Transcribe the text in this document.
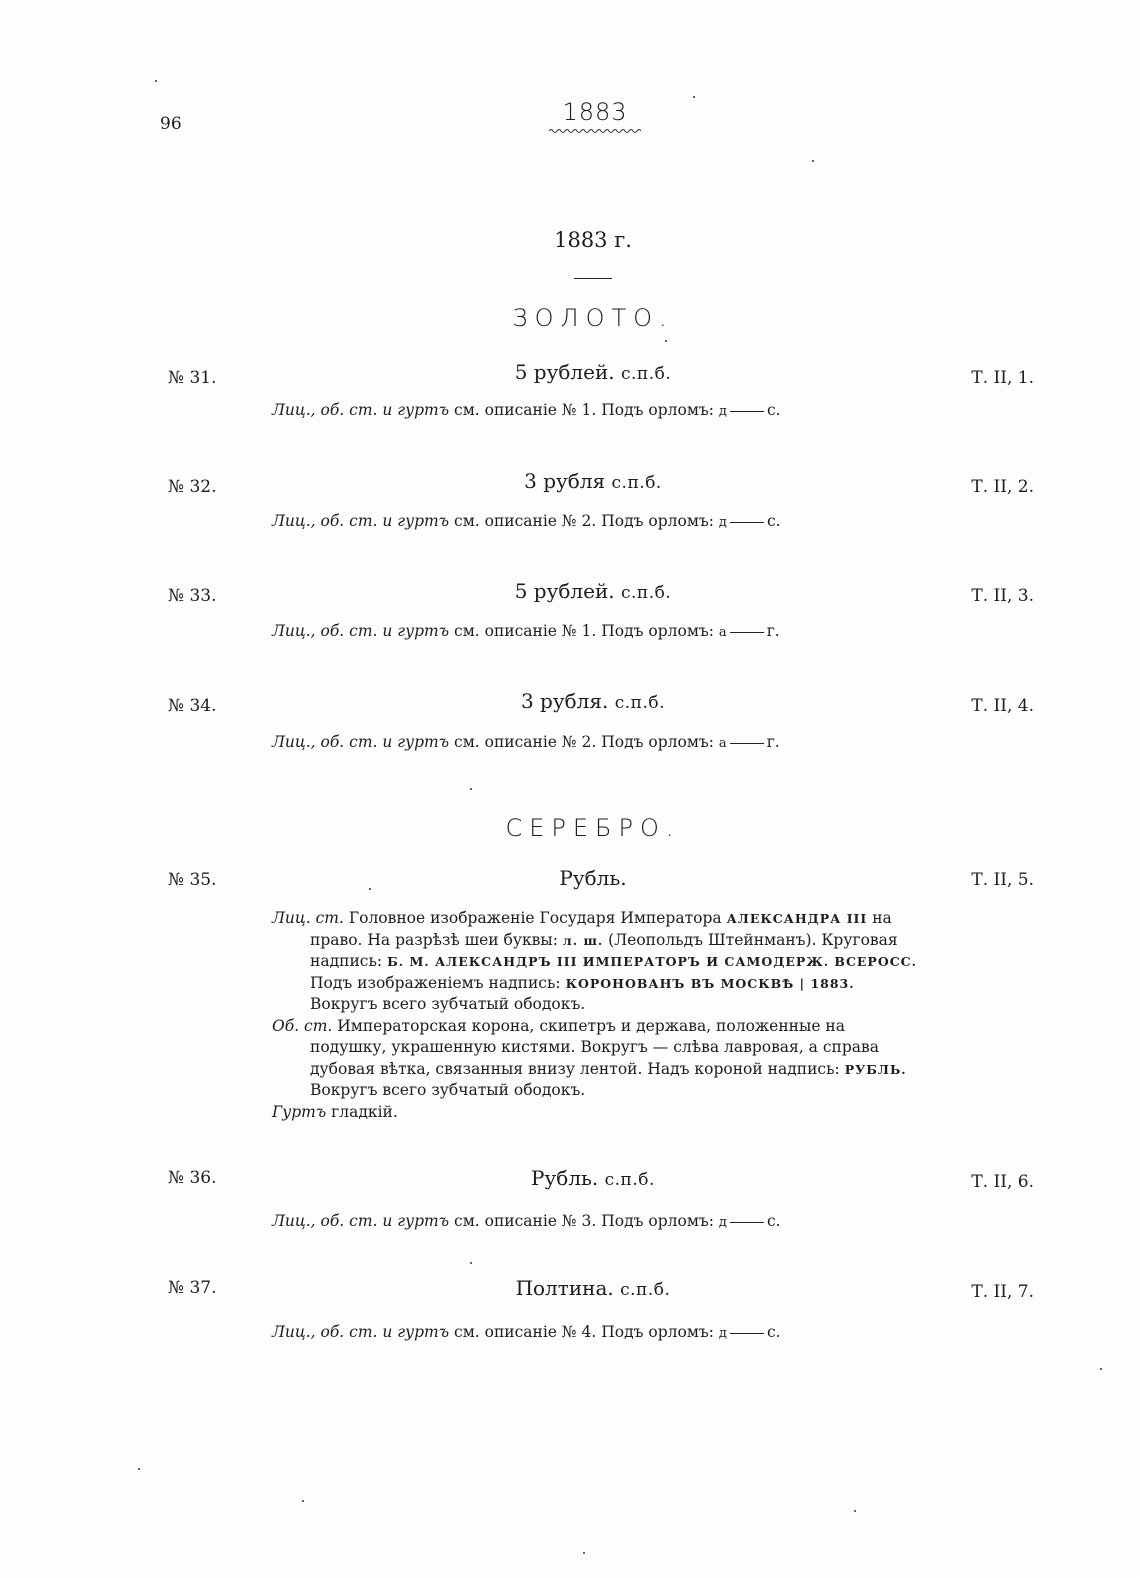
96	1883
1883 г.
ЗОЛОТО.
№ 31.	5 рублей. с.п.б.	Т. II, 1.
Лиц., об. ст. и гуртъ см. описаніе № 1. Подъ орломъ: д	с.
№ 32.	3 рубля с.п.б.	Т. II, 2.
Лиц., об. ст. и гуртъ см. описаніе № 2. Подъ орломъ: д	с.
№ 33.	5 рублей. с.п.б.	Т. II, 3.
Лиц., об. ст. и гуртъ см. описаніе № 1. Подъ орломъ: а	г.
№ 34.	3 рубля. с.п.б.	Т. II, 4.
Лиц., об. ст. и гуртъ см. описаніе № 2. Подъ орломъ: а	г.
СЕРЕБРО.
№ 35.	Рубль.	Т. II, 5.

Лиц. ст. Головное изображеніе Государя Императора АЛЕКСАНДРА III на право. На разрѣзѣ шеи буквы: л. ш. (Леопольдъ Штейнманъ). Круговая надпись: Б. М. АЛЕКСАНДРЪ III ИМПЕРАТОРЪ И САМОДЕРЖ. ВСЕРОСС. Подъ изображеніемъ надпись: КОРОНОВАНЪ ВЪ МОСКВѢ | 1883. Вокругъ всего зубчатый ободокъ.

Об. ст. Императорская корона, скипетръ и держава, положенные на подушку, украшенную кистями. Вокругъ — слѣва лавровая, а справа дубовая вѣтка, связанныя внизу лентой. Надъ короной надпись: РУБЛЬ. Вокругъ всего зубчатый ободокъ.

Гуртъ гладкій.

№ 36.	Рубль. с.п.б.	Т. II, 6.
Лиц., об. ст. и гуртъ см. описаніе № 3. Подъ орломъ: д	с.
№ 37.	Полтина. с.п.б.	Т. II, 7.
Лиц., об. ст. и гуртъ см. описаніе № 4. Подъ орломъ: д	с.
